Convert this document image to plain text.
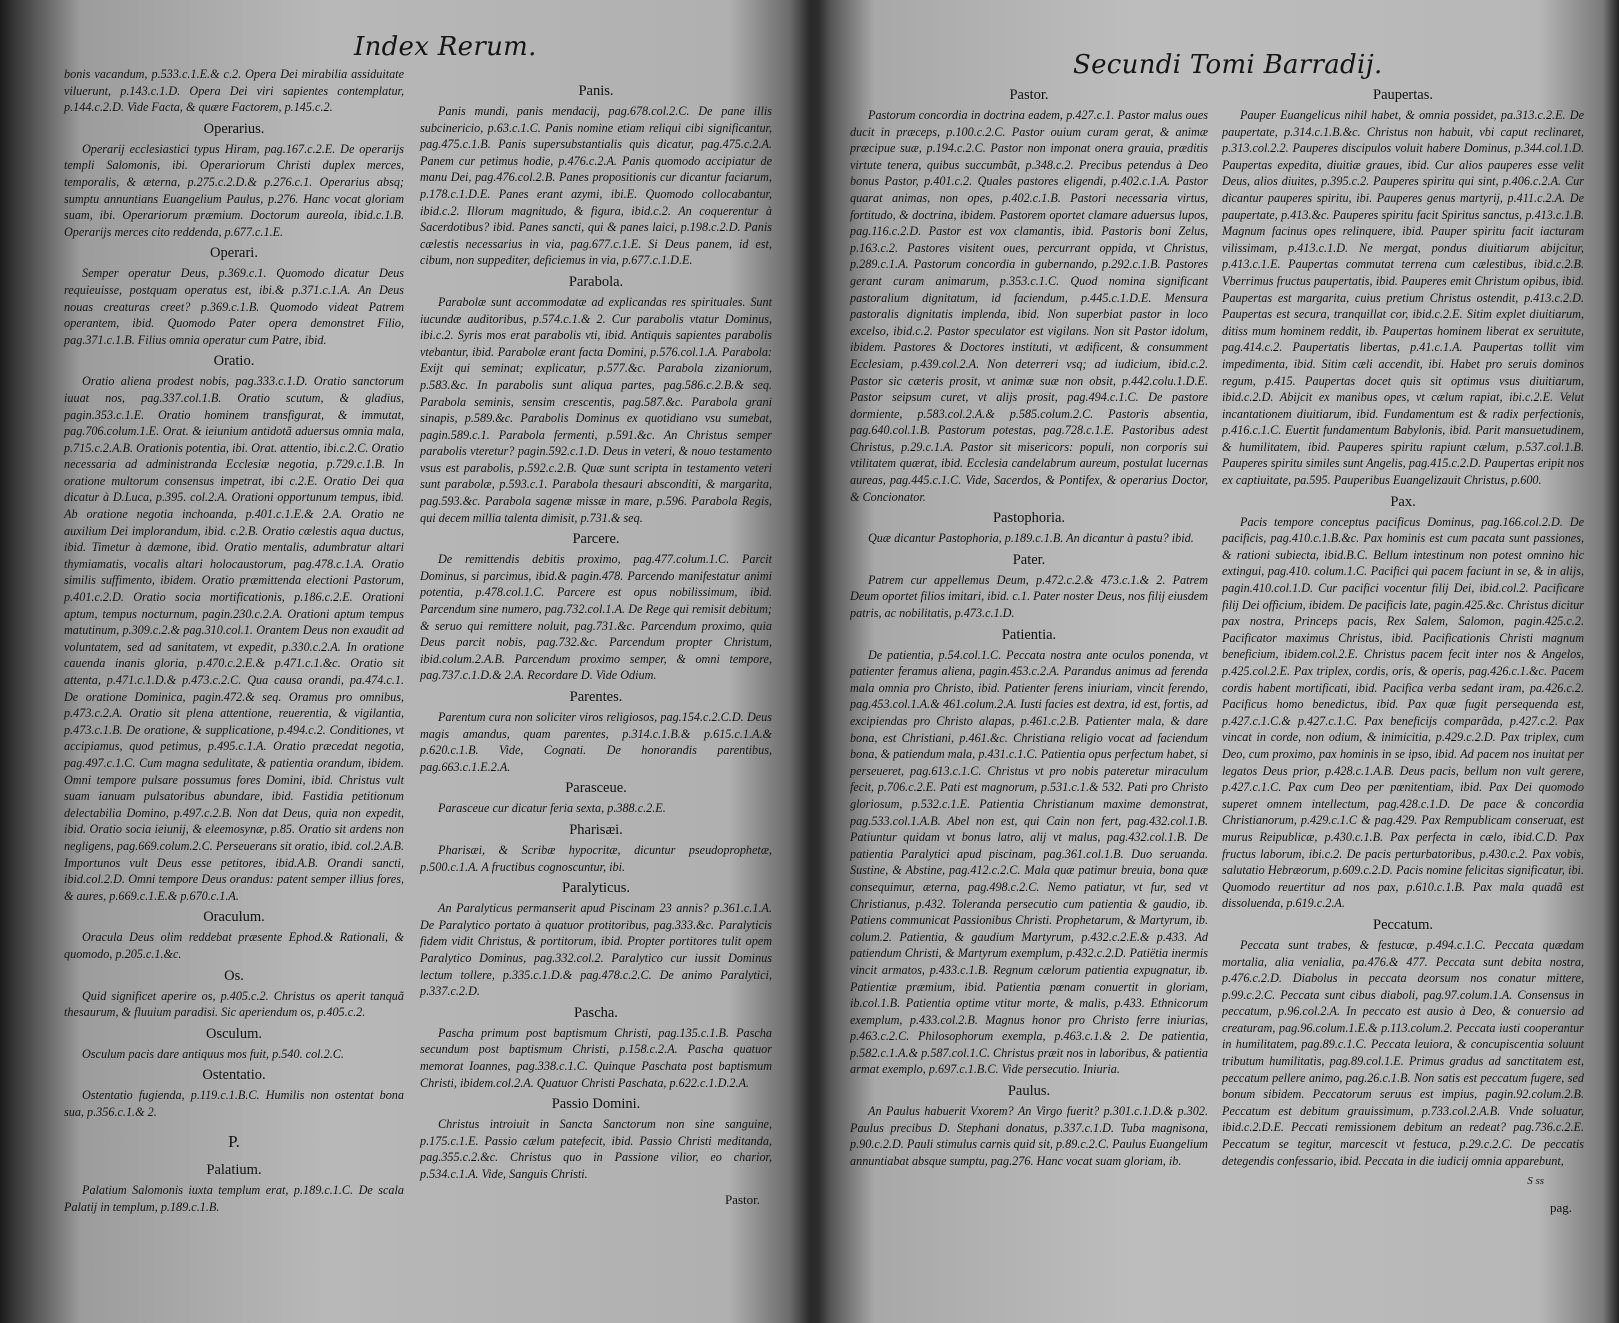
Index Rerum.
bonis vacandum, p.533.c.1.E.& c.2. Opera Dei mirabilia assiduitate viluerunt, p.143.c.1.D. Opera Dei viri sapientes contemplatur, p.144.c.2.D. Vide Facta, & quære Factorem, p.145.c.2.
Operarius.
Operarij ecclesiastici typus Hiram, pag.167.c.2.E. De operarijs templi Salomonis, ibi. Operariorum Christi duplex merces, temporalis, & æterna, p.275.c.2.D.& p.276.c.1. Operarius absq; sumptu annuntians Euangelium Paulus, p.276. Hanc vocat gloriam suam, ibi. Operariorum præmium. Doctorum aureola, ibid.c.1.B. Operarijs merces cito reddenda, p.677.c.1.E.
Operari.
Semper operatur Deus, p.369.c.1. Quomodo dicatur Deus requieuisse, postquam operatus est, ibi.& p.371.c.1.A. An Deus nouas creaturas creet? p.369.c.1.B. Quomodo videat Patrem operantem, ibid. Quomodo Pater opera demonstret Filio, pag.371.c.1.B. Filius omnia operatur cum Patre, ibid.
Oratio.
Oratio aliena prodest nobis, pag.333.c.1.D. Oratio sanctorum iuuat nos, pag.337.col.1.B. Oratio scutum, & gladius, pagin.353.c.1.E. Oratio hominem transfigurat, & immutat, pag.706.colum.1.E. Orat. & ieiunium antidotã aduersus omnia mala, p.715.c.2.A.B. Orationis potentia, ibi. Orat. attentio, ibi.c.2.C. Oratio necessaria ad administranda Ecclesiæ negotia, p.729.c.1.B. In oratione multorum consensus impetrat, ibi c.2.E. Oratio Dei qua dicatur à D.Luca, p.395. col.2.A. Orationi opportunum tempus, ibid. Ab oratione negotia inchoanda, p.401.c.1.E.& 2.A. Oratio ne auxilium Dei implorandum, ibid. c.2.B. Oratio cælestis aqua ductus, ibid. Timetur à dæmone, ibid. Oratio mentalis, adumbratur altari thymiamatis, vocalis altari holocaustorum, pag.478.c.1.A. Oratio similis suffimento, ibidem. Oratio præmittenda electioni Pastorum, p.401.c.2.D. Oratio socia mortificationis, p.186.c.2.E. Orationi aptum, tempus nocturnum, pagin.230.c.2.A. Orationi aptum tempus matutinum, p.309.c.2.& pag.310.col.1. Orantem Deus non exaudit ad voluntatem, sed ad sanitatem, vt expedit, p.330.c.2.A. In oratione cauenda inanis gloria, p.470.c.2.E.& p.471.c.1.&c. Oratio sit attenta, p.471.c.1.D.& p.473.c.2.C. Qua causa orandi, pa.474.c.1. De oratione Dominica, pagin.472.& seq. Oramus pro omnibus, p.473.c.2.A. Oratio sit plena attentione, reuerentia, & vigilantia, p.473.c.1.B. De oratione, & supplicatione, p.494.c.2. Conditiones, vt accipiamus, quod petimus, p.495.c.1.A. Oratio præcedat negotia, pag.497.c.1.C. Cum magna sedulitate, & patientia orandum, ibidem. Omni tempore pulsare possumus fores Domini, ibid. Christus vult suam ianuam pulsatoribus abundare, ibid. Fastidia petitionum delectabilia Domino, p.497.c.2.B. Non dat Deus, quia non expedit, ibid. Oratio socia ieiunij, & eleemosynæ, p.85. Oratio sit ardens non negligens, pag.669.colum.2.C. Perseuerans sit oratio, ibid. col.2.A.B. Importunos vult Deus esse petitores, ibid.A.B. Orandi sancti, ibid.col.2.D. Omni tempore Deus orandus: patent semper illius fores, & aures, p.669.c.1.E.& p.670.c.1.A.
Oraculum.
Oracula Deus olim reddebat præsente Ephod.& Rationali, & quomodo, p.205.c.1.&c.
Os.
Quid significet aperire os, p.405.c.2. Christus os aperit tanquã thesaurum, & fluuium paradisi. Sic aperiendum os, p.405.c.2.
Osculum.
Osculum pacis dare antiquus mos fuit, p.540. col.2.C.
Ostentatio.
Ostentatio fugienda, p.119.c.1.B.C. Humilis non ostentat bona sua, p.356.c.1.& 2.
P.
Palatium.
Palatium Salomonis iuxta templum erat, p.189.c.1.C. De scala Palatij in templum, p.189.c.1.B.
Panis.
Panis mundi, panis mendacij, pag.678.col.2.C. De pane illis subcinericio, p.63.c.1.C. Panis nomine etiam reliqui cibi significantur, pag.475.c.1.B. Panis supersubstantialis quis dicatur, pag.475.c.2.A. Panem cur petimus hodie, p.476.c.2.A. Panis quomodo accipiatur de manu Dei, pag.476.col.2.B. Panes propositionis cur dicantur faciarum, p.178.c.1.D.E. Panes erant azymi, ibi.E. Quomodo collocabantur, ibid.c.2. Illorum magnitudo, & figura, ibid.c.2. An coquerentur à Sacerdotibus? ibid. Panes sancti, qui & panes laici, p.198.c.2.D. Panis cælestis necessarius in via, pag.677.c.1.E. Si Deus panem, id est, cibum, non suppediter, deficiemus in via, p.677.c.1.D.E.
Parabola.
Parabolæ sunt accommodatæ ad explicandas res spirituales. Sunt iucundæ auditoribus, p.574.c.1.& 2. Cur parabolis vtatur Dominus, ibi.c.2. Syris mos erat parabolis vti, ibid. Antiquis sapientes parabolis vtebantur, ibid. Parabolæ erant facta Domini, p.576.col.1.A. Parabola: Exijt qui seminat; explicatur, p.577.&c. Parabola zizaniorum, p.583.&c. In parabolis sunt aliqua partes, pag.586.c.2.B.& seq. Parabola seminis, sensim crescentis, pag.587.&c. Parabola grani sinapis, p.589.&c. Parabolis Dominus ex quotidiano vsu sumebat, pagin.589.c.1. Parabola fermenti, p.591.&c. An Christus semper parabolis vteretur? pagin.592.c.1.D. Deus in veteri, & nouo testamento vsus est parabolis, p.592.c.2.B. Quæ sunt scripta in testamento veteri sunt parabolæ, p.593.c.1. Parabola thesauri absconditi, & margarita, pag.593.&c. Parabola sagenæ missæ in mare, p.596. Parabola Regis, qui decem millia talenta dimisit, p.731.& seq.
Parcere.
De remittendis debitis proximo, pag.477.colum.1.C. Parcit Dominus, si parcimus, ibid.& pagin.478. Parcendo manifestatur animi potentia, p.478.col.1.C. Parcere est opus nobilissimum, ibid. Parcendum sine numero, pag.732.col.1.A. De Rege qui remisit debitum; & seruo qui remittere noluit, pag.731.&c. Parcendum proximo, quia Deus parcit nobis, pag.732.&c. Parcendum propter Christum, ibid.colum.2.A.B. Parcendum proximo semper, & omni tempore, pag.737.c.1.D.& 2.A. Recordare D. Vide Odium.
Parentes.
Parentum cura non soliciter viros religiosos, pag.154.c.2.C.D. Deus magis amandus, quam parentes, p.314.c.1.B.& p.615.c.1.A.& p.620.c.1.B. Vide, Cognati. De honorandis parentibus, pag.663.c.1.E.2.A.
Parasceue.
Parasceue cur dicatur feria sexta, p.388.c.2.E.
Pharisæi.
Pharisæi, & Scribæ hypocritæ, dicuntur pseudoprophetæ, p.500.c.1.A. A fructibus cognoscuntur, ibi.
Paralyticus.
An Paralyticus permanserit apud Piscinam 23 annis? p.361.c.1.A. De Paralytico portato à quatuor protitoribus, pag.333.&c. Paralyticis fidem vidit Christus, & portitorum, ibid. Propter portitores tulit opem Paralytico Dominus, pag.332.col.2. Paralytico cur iussit Dominus lectum tollere, p.335.c.1.D.& pag.478.c.2.C. De animo Paralytici, p.337.c.2.D.
Pascha.
Pascha primum post baptismum Christi, pag.135.c.1.B. Pascha secundum post baptismum Christi, p.158.c.2.A. Pascha quatuor memorat Ioannes, pag.338.c.1.C. Quinque Paschata post baptismum Christi, ibidem.col.2.A. Quatuor Christi Paschata, p.622.c.1.D.2.A.
Passio Domini.
Christus introiuit in Sancta Sanctorum non sine sanguine, p.175.c.1.E. Passio cælum patefecit, ibid. Passio Christi meditanda, pag.355.c.2.&c. Christus quo in Passione vilior, eo charior, p.534.c.1.A. Vide, Sanguis Christi.
Pastor.
Secundi Tomi Barradij.
Pastor.
Pastorum concordia in doctrina eadem, p.427.c.1. Pastor malus oues ducit in præceps, p.100.c.2.C. Pastor ouium curam gerat, & animæ præcipue suæ, p.194.c.2.C. Pastor non imponat onera grauia, præditis virtute tenera, quibus succumbãt, p.348.c.2. Precibus petendus à Deo bonus Pastor, p.401.c.2. Quales pastores eligendi, p.402.c.1.A. Pastor quarat animas, non opes, p.402.c.1.B. Pastori necessaria virtus, fortitudo, & doctrina, ibidem. Pastorem oportet clamare aduersus lupos, pag.116.c.2.D. Pastor est vox clamantis, ibid. Pastoris boni Zelus, p.163.c.2. Pastores visitent oues, percurrant oppida, vt Christus, p.289.c.1.A. Pastorum concordia in gubernando, p.292.c.1.B. Pastores gerant curam animarum, p.353.c.1.C. Quod nomina significant pastoralium dignitatum, id faciendum, p.445.c.1.D.E. Mensura pastoralis dignitatis implenda, ibid. Non superbiat pastor in loco excelso, ibid.c.2. Pastor speculator est vigilans. Non sit Pastor idolum, ibidem. Pastores & Doctores instituti, vt ædificent, & consumment Ecclesiam, p.439.col.2.A. Non deterreri vsq; ad iudicium, ibid.c.2. Pastor sic cæteris prosit, vt animæ suæ non obsit, p.442.colu.1.D.E. Pastor seipsum curet, vt alijs prosit, pag.494.c.1.C. De pastore dormiente, p.583.col.2.A.& p.585.colum.2.C. Pastoris absentia, pag.640.col.1.B. Pastorum potestas, pag.728.c.1.E. Pastoribus adest Christus, p.29.c.1.A. Pastor sit misericors: populi, non corporis sui vtilitatem quærat, ibid. Ecclesia candelabrum aureum, postulat lucernas aureas, pag.445.c.1.C. Vide, Sacerdos, & Pontifex, & operarius Doctor, & Concionator.
Pastophoria.
Quæ dicantur Pastophoria, p.189.c.1.B. An dicantur à pastu? ibid.
Pater.
Patrem cur appellemus Deum, p.472.c.2.& 473.c.1.& 2. Patrem Deum oportet filios imitari, ibid. c.1. Pater noster Deus, nos filij eiusdem patris, ac nobilitatis, p.473.c.1.D.
Patientia.
De patientia, p.54.col.1.C. Peccata nostra ante oculos ponenda, vt patienter feramus aliena, pagin.453.c.2.A. Parandus animus ad ferenda mala omnia pro Christo, ibid. Patienter ferens iniuriam, vincit ferendo, pag.453.col.1.A.& 461.colum.2.A. Iusti facies est dextra, id est, fortis, ad excipiendas pro Christo alapas, p.461.c.2.B. Patienter mala, & dare bona, est Christiani, p.461.&c. Christiana religio vocat ad faciendum bona, & patiendum mala, p.431.c.1.C. Patientia opus perfectum habet, si perseueret, pag.613.c.1.C. Christus vt pro nobis pateretur miraculum fecit, p.706.c.2.E. Pati est magnorum, p.531.c.1.& 532. Pati pro Christo gloriosum, p.532.c.1.E. Patientia Christianum maxime demonstrat, pag.533.col.1.A.B. Abel non est, qui Cain non fert, pag.432.col.1.B. Patiuntur quidam vt bonus latro, alij vt malus, pag.432.col.1.B. De patientia Paralytici apud piscinam, pag.361.col.1.B. Duo seruanda. Sustine, & Abstine, pag.412.c.2.C. Mala quæ patimur breuia, bona quæ consequimur, æterna, pag.498.c.2.C. Nemo patiatur, vt fur, sed vt Christianus, p.432. Toleranda persecutio cum patientia & gaudio, ib. Patiens communicat Passionibus Christi. Prophetarum, & Martyrum, ib. colum.2. Patientia, & gaudium Martyrum, p.432.c.2.E.& p.433. Ad patiendum Christi, & Martyrum exemplum, p.432.c.2.D. Patiëtia inermis vincit armatos, p.433.c.1.B. Regnum cælorum patientia expugnatur, ib. Patientiæ præmium, ibid. Patientia pœnam conuertit in gloriam, ib.col.1.B. Patientia optime vtitur morte, & malis, p.433. Ethnicorum exemplum, p.433.col.2.B. Magnus honor pro Christo ferre iniurias, p.463.c.2.C. Philosophorum exempla, p.463.c.1.& 2. De patientia, p.582.c.1.A.& p.587.col.1.C. Christus præit nos in laboribus, & patientia armat exemplo, p.697.c.1.B.C. Vide persecutio. Iniuria.
Paulus.
An Paulus habuerit Vxorem? An Virgo fuerit? p.301.c.1.D.& p.302. Paulus precibus D. Stephani donatus, p.337.c.1.D. Tuba magnisona, p.90.c.2.D. Pauli stimulus carnis quid sit, p.89.c.2.C. Paulus Euangelium annuntiabat absque sumptu, pag.276. Hanc vocat suam gloriam, ib.
Paupertas.
Pauper Euangelicus nihil habet, & omnia possidet, pa.313.c.2.E. De paupertate, p.314.c.1.B.&c. Christus non habuit, vbi caput reclinaret, p.313.col.2.2. Pauperes discipulos voluit habere Dominus, p.344.col.1.D. Paupertas expedita, diuitiæ graues, ibid. Cur alios pauperes esse velit Deus, alios diuites, p.395.c.2. Pauperes spiritu qui sint, p.406.c.2.A. Cur dicantur pauperes spiritu, ibi. Pauperes genus martyrij, p.411.c.2.A. De paupertate, p.413.&c. Pauperes spiritu facit Spiritus sanctus, p.413.c.1.B. Magnum facinus opes relinquere, ibid. Pauper spiritu facit iacturam vilissimam, p.413.c.1.D. Ne mergat, pondus diuitiarum abijcitur, p.413.c.1.E. Paupertas commutat terrena cum cælestibus, ibid.c.2.B. Vberrimus fructus paupertatis, ibid. Pauperes emit Christum opibus, ibid. Paupertas est margarita, cuius pretium Christus ostendit, p.413.c.2.D. Paupertas est secura, tranquillat cor, ibid.c.2.E. Sitim explet diuitiarum, ditiss mum hominem reddit, ib. Paupertas hominem liberat ex seruitute, pag.414.c.2. Paupertatis libertas, p.41.c.1.A. Paupertas tollit vim impedimenta, ibid. Sitim cæli accendit, ibi. Habet pro seruis dominos regum, p.415. Paupertas docet quis sit optimus vsus diuitiarum, ibid.c.2.D. Abijcit ex manibus opes, vt cælum rapiat, ibi.c.2.E. Velut incantationem diuitiarum, ibid. Fundamentum est & radix perfectionis, p.416.c.1.C. Euertit fundamentum Babylonis, ibid. Parit mansuetudinem, & humilitatem, ibid. Pauperes spiritu rapiunt cælum, p.537.col.1.B. Pauperes spiritu similes sunt Angelis, pag.415.c.2.D. Paupertas eripit nos ex captiuitate, pa.595. Pauperibus Euangelizauit Christus, p.600.
Pax.
Pacis tempore conceptus pacificus Dominus, pag.166.col.2.D. De pacificis, pag.410.c.1.B.&c. Pax hominis est cum pacata sunt passiones, & rationi subiecta, ibid.B.C. Bellum intestinum non potest omnino hic extingui, pag.410. colum.1.C. Pacifici qui pacem faciunt in se, & in alijs, pagin.410.col.1.D. Cur pacifici vocentur filij Dei, ibid.col.2. Pacificare filij Dei officium, ibidem. De pacificis late, pagin.425.&c. Christus dicitur pax nostra, Princeps pacis, Rex Salem, Salomon, pagin.425.c.2. Pacificator maximus Christus, ibid. Pacificationis Christi magnum beneficium, ibidem.col.2.E. Christus pacem fecit inter nos & Angelos, p.425.col.2.E. Pax triplex, cordis, oris, & operis, pag.426.c.1.&c. Pacem cordis habent mortificati, ibid. Pacifica verba sedant iram, pa.426.c.2. Pacificus homo benedictus, ibid. Pax quæ fugit persequenda est, p.427.c.1.C.& p.427.c.1.C. Pax beneficijs comparãda, p.427.c.2. Pax vincat in corde, non odium, & inimicitia, p.429.c.2.D. Pax triplex, cum Deo, cum proximo, pax hominis in se ipso, ibid. Ad pacem nos inuitat per legatos Deus prior, p.428.c.1.A.B. Deus pacis, bellum non vult gerere, p.427.c.1.C. Pax cum Deo per pœnitentiam, ibid. Pax Dei quomodo superet omnem intellectum, pag.428.c.1.D. De pace & concordia Christianorum, p.429.c.1.C & pag.429. Pax Rempublicam conseruat, est murus Reipublicæ, p.430.c.1.B. Pax perfecta in cælo, ibid.C.D. Pax fructus laborum, ibi.c.2. De pacis perturbatoribus, p.430.c.2. Pax vobis, salutatio Hebræorum, p.609.c.2.D. Pacis nomine felicitas significatur, ibi. Quomodo reuertitur ad nos pax, p.610.c.1.B. Pax mala quadã est dissoluenda, p.619.c.2.A.
Peccatum.
Peccata sunt trabes, & festucæ, p.494.c.1.C. Peccata quædam mortalia, alia venialia, pa.476.& 477. Peccata sunt debita nostra, p.476.c.2.D. Diabolus in peccata deorsum nos conatur mittere, p.99.c.2.C. Peccata sunt cibus diaboli, pag.97.colum.1.A. Consensus in peccatum, p.96.col.2.A. In peccato est ausio à Deo, & conuersio ad creaturam, pag.96.colum.1.E.& p.113.colum.2. Peccata iusti cooperantur in humilitatem, pag.89.c.1.C. Peccata leuiora, & concupiscentia soluunt tributum humilitatis, pag.89.col.1.E. Primus gradus ad sanctitatem est, peccatum pellere animo, pag.26.c.1.B. Non satis est peccatum fugere, sed bonum sibidem. Peccatorum seruus est impius, pagin.92.colum.2.B. Peccatum est debitum grauissimum, p.733.col.2.A.B. Vnde soluatur, ibid.c.2.D.E. Peccati remissionem debitum an redeat? pag.736.c.2.E. Peccatum se tegitur, marcescit vt festuca, p.29.c.2.C. De peccatis detegendis confessario, ibid. Peccata in die iudicij omnia apparebunt,
S ss
pag.
